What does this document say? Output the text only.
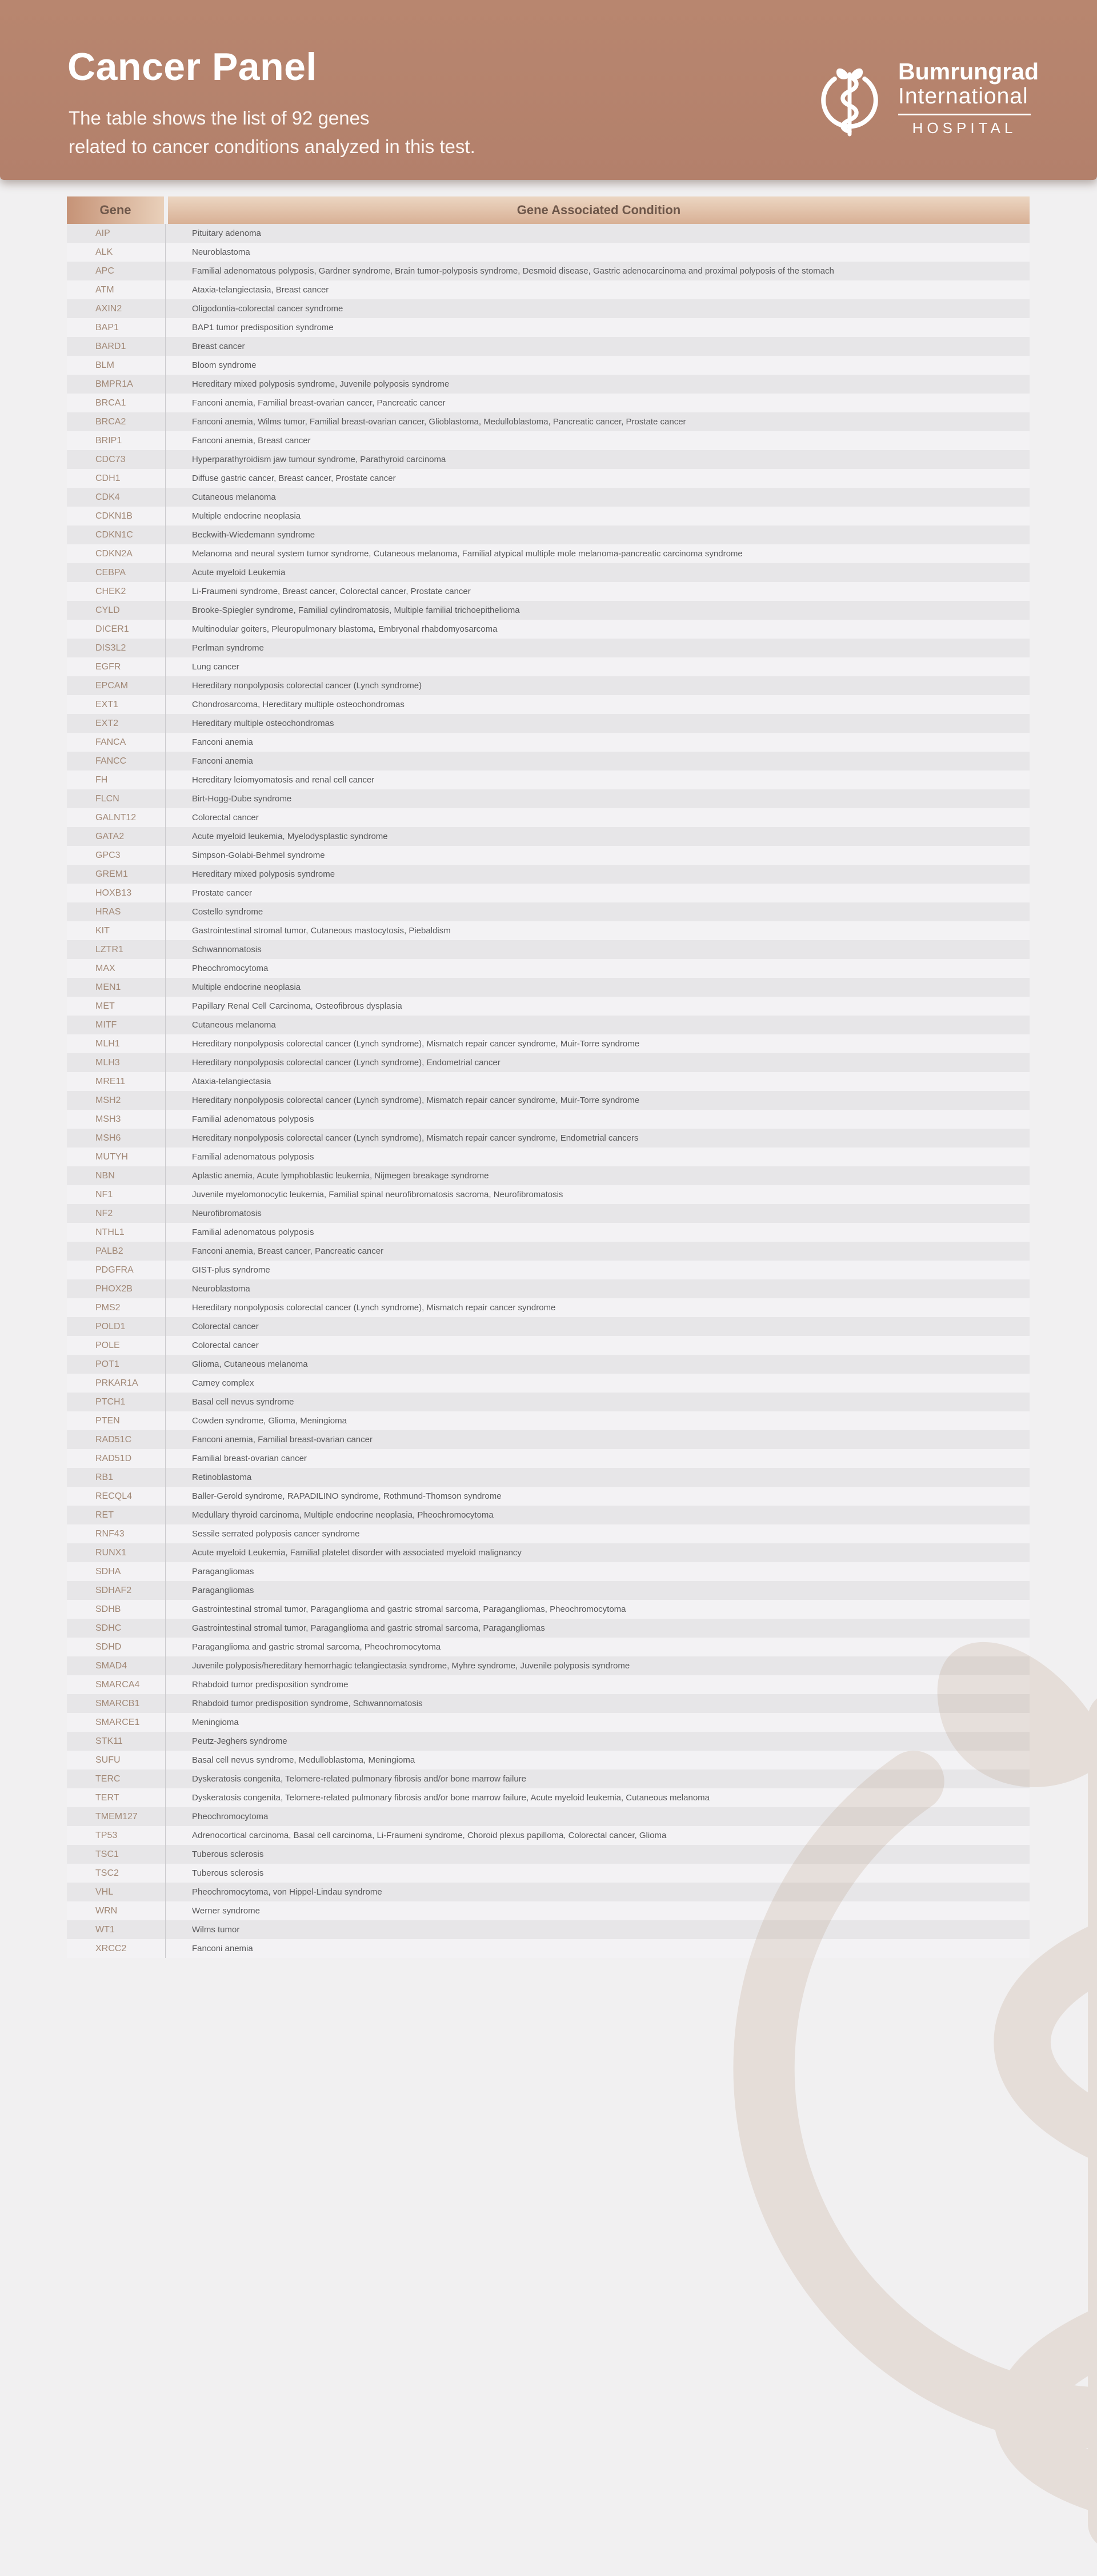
Cancer Panel
The table shows the list of 92 genes
related to cancer conditions analyzed in this test.
Bumrungrad
International
HOSPITAL
Gene	Gene Associated Condition
AIP	Pituitary adenoma
ALK	Neuroblastoma
APC	Familial adenomatous polyposis, Gardner syndrome, Brain tumor-polyposis syndrome, Desmoid disease, Gastric adenocarcinoma and proximal polyposis of the stomach
ATM	Ataxia-telangiectasia, Breast cancer
AXIN2	Oligodontia-colorectal cancer syndrome
BAP1	BAP1 tumor predisposition syndrome
BARD1	Breast cancer
BLM	Bloom syndrome
BMPR1A	Hereditary mixed polyposis syndrome, Juvenile polyposis syndrome
BRCA1	Fanconi anemia, Familial breast-ovarian cancer, Pancreatic cancer
BRCA2	Fanconi anemia, Wilms tumor, Familial breast-ovarian cancer, Glioblastoma, Medulloblastoma, Pancreatic cancer, Prostate cancer
BRIP1	Fanconi anemia, Breast cancer
CDC73	Hyperparathyroidism jaw tumour syndrome, Parathyroid carcinoma
CDH1	Diffuse gastric cancer, Breast cancer, Prostate cancer
CDK4	Cutaneous melanoma
CDKN1B	Multiple endocrine neoplasia
CDKN1C	Beckwith-Wiedemann syndrome
CDKN2A	Melanoma and neural system tumor syndrome, Cutaneous melanoma, Familial atypical multiple mole melanoma-pancreatic carcinoma syndrome
CEBPA	Acute myeloid Leukemia
CHEK2	Li-Fraumeni syndrome, Breast cancer, Colorectal cancer, Prostate cancer
CYLD	Brooke-Spiegler syndrome, Familial cylindromatosis, Multiple familial trichoepithelioma
DICER1	Multinodular goiters, Pleuropulmonary blastoma, Embryonal rhabdomyosarcoma
DIS3L2	Perlman syndrome
EGFR	Lung cancer
EPCAM	Hereditary nonpolyposis colorectal cancer (Lynch syndrome)
EXT1	Chondrosarcoma, Hereditary multiple osteochondromas
EXT2	Hereditary multiple osteochondromas
FANCA	Fanconi anemia
FANCC	Fanconi anemia
FH	Hereditary leiomyomatosis and renal cell cancer
FLCN	Birt-Hogg-Dube syndrome
GALNT12	Colorectal cancer
GATA2	Acute myeloid leukemia, Myelodysplastic syndrome
GPC3	Simpson-Golabi-Behmel syndrome
GREM1	Hereditary mixed polyposis syndrome
HOXB13	Prostate cancer
HRAS	Costello syndrome
KIT	Gastrointestinal stromal tumor, Cutaneous mastocytosis, Piebaldism
LZTR1	Schwannomatosis
MAX	Pheochromocytoma
MEN1	Multiple endocrine neoplasia
MET	Papillary Renal Cell Carcinoma, Osteofibrous dysplasia
MITF	Cutaneous melanoma
MLH1	Hereditary nonpolyposis colorectal cancer (Lynch syndrome), Mismatch repair cancer syndrome, Muir-Torre syndrome
MLH3	Hereditary nonpolyposis colorectal cancer (Lynch syndrome), Endometrial cancer
MRE11	Ataxia-telangiectasia
MSH2	Hereditary nonpolyposis colorectal cancer (Lynch syndrome), Mismatch repair cancer syndrome, Muir-Torre syndrome
MSH3	Familial adenomatous polyposis
MSH6	Hereditary nonpolyposis colorectal cancer (Lynch syndrome), Mismatch repair cancer syndrome, Endometrial cancers
MUTYH	Familial adenomatous polyposis
NBN	Aplastic anemia, Acute lymphoblastic leukemia, Nijmegen breakage syndrome
NF1	Juvenile myelomonocytic leukemia, Familial spinal neurofibromatosis sacroma, Neurofibromatosis
NF2	Neurofibromatosis
NTHL1	Familial adenomatous polyposis
PALB2	Fanconi anemia, Breast cancer, Pancreatic cancer
PDGFRA	GIST-plus syndrome
PHOX2B	Neuroblastoma
PMS2	Hereditary nonpolyposis colorectal cancer (Lynch syndrome), Mismatch repair cancer syndrome
POLD1	Colorectal cancer
POLE	Colorectal cancer
POT1	Glioma, Cutaneous melanoma
PRKAR1A	Carney complex
PTCH1	Basal cell nevus syndrome
PTEN	Cowden syndrome, Glioma, Meningioma
RAD51C	Fanconi anemia, Familial breast-ovarian cancer
RAD51D	Familial breast-ovarian cancer
RB1	Retinoblastoma
RECQL4	Baller-Gerold syndrome, RAPADILINO syndrome, Rothmund-Thomson syndrome
RET	Medullary thyroid carcinoma, Multiple endocrine neoplasia, Pheochromocytoma
RNF43	Sessile serrated polyposis cancer syndrome
RUNX1	Acute myeloid Leukemia, Familial platelet disorder with associated myeloid malignancy
SDHA	Paragangliomas
SDHAF2	Paragangliomas
SDHB	Gastrointestinal stromal tumor, Paraganglioma and gastric stromal sarcoma, Paragangliomas, Pheochromocytoma
SDHC	Gastrointestinal stromal tumor, Paraganglioma and gastric stromal sarcoma, Paragangliomas
SDHD	Paraganglioma and gastric stromal sarcoma, Pheochromocytoma
SMAD4	Juvenile polyposis/hereditary hemorrhagic telangiectasia syndrome, Myhre syndrome, Juvenile polyposis syndrome
SMARCA4	Rhabdoid tumor predisposition syndrome
SMARCB1	Rhabdoid tumor predisposition syndrome, Schwannomatosis
SMARCE1	Meningioma
STK11	Peutz-Jeghers syndrome
SUFU	Basal cell nevus syndrome, Medulloblastoma, Meningioma
TERC	Dyskeratosis congenita, Telomere-related pulmonary fibrosis and/or bone marrow failure
TERT	Dyskeratosis congenita, Telomere-related pulmonary fibrosis and/or bone marrow failure, Acute myeloid leukemia, Cutaneous melanoma
TMEM127	Pheochromocytoma
TP53	Adrenocortical carcinoma, Basal cell carcinoma, Li-Fraumeni syndrome, Choroid plexus papilloma, Colorectal cancer, Glioma
TSC1	Tuberous sclerosis
TSC2	Tuberous sclerosis
VHL	Pheochromocytoma, von Hippel-Lindau syndrome
WRN	Werner syndrome
WT1	Wilms tumor
XRCC2	Fanconi anemia
